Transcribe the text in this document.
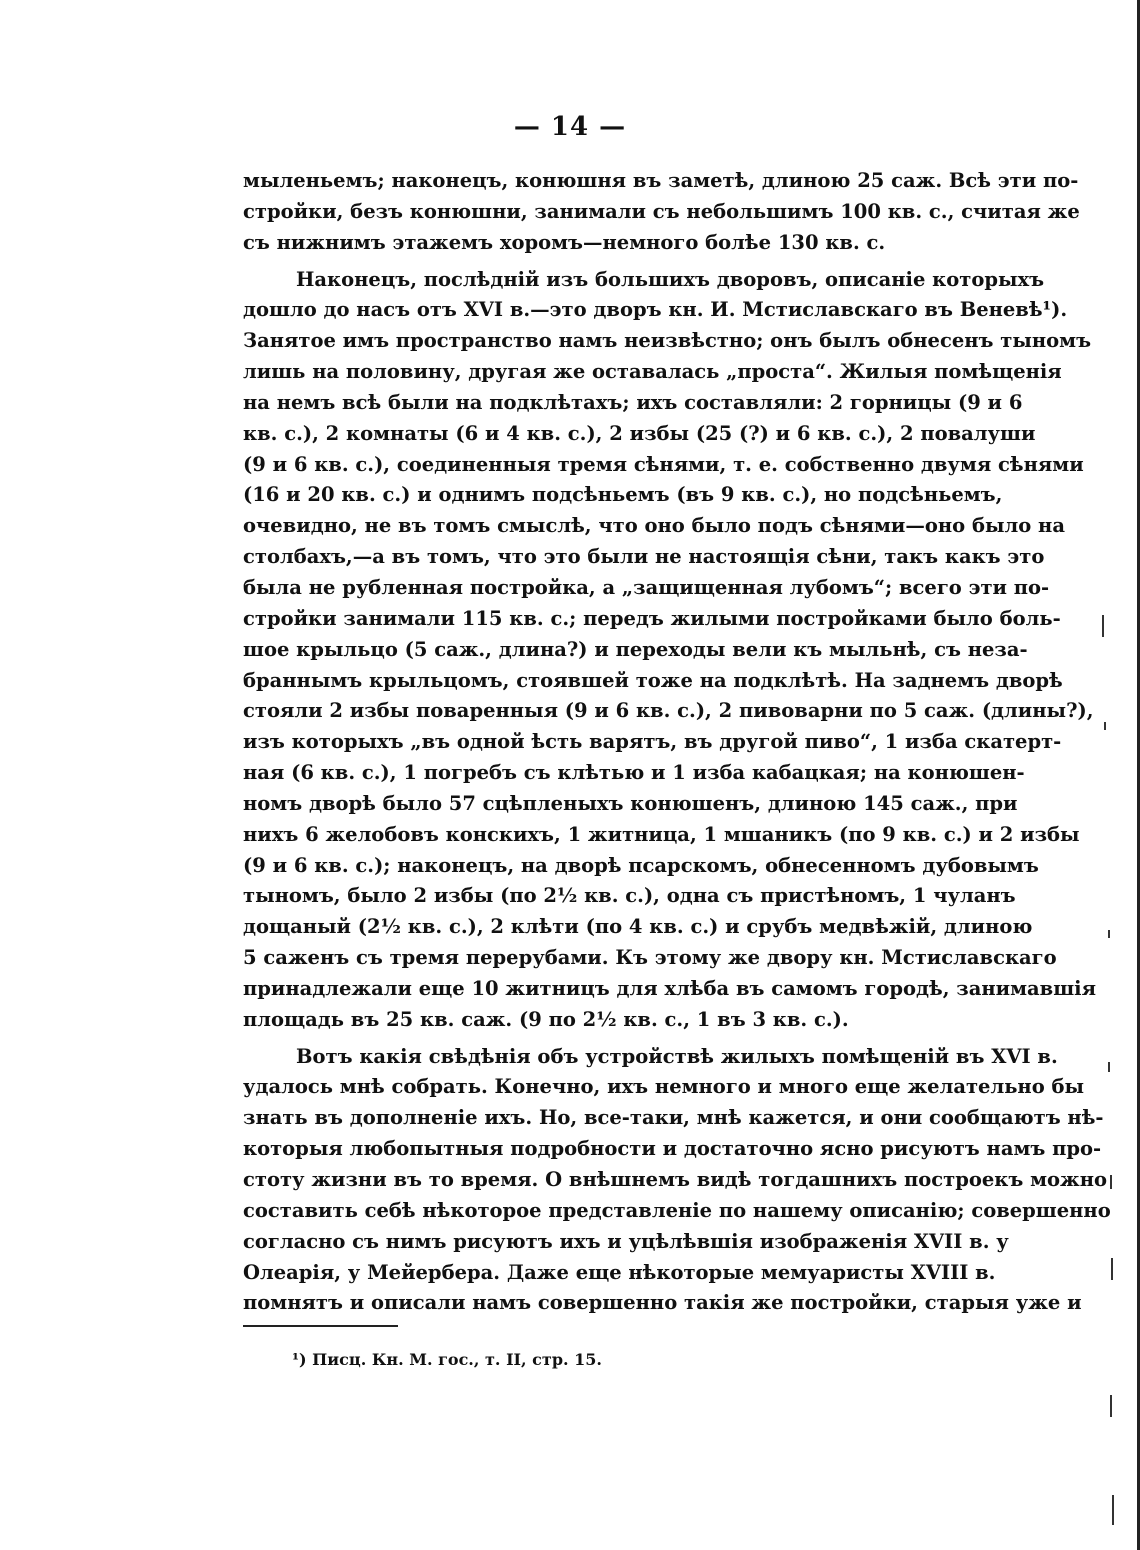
— 14 —
мыленьемъ; наконецъ, конюшня въ заметѣ, длиною 25 саж. Всѣ эти по-
стройки, безъ конюшни, занимали съ небольшимъ 100 кв. с., считая же
съ нижнимъ этажемъ хоромъ—немного болѣе 130 кв. с.
Наконецъ, послѣдній изъ большихъ дворовъ, описаніе которыхъ
дошло до насъ отъ XVI в.—это дворъ кн. И. Мстиславскаго въ Веневѣ¹).
Занятое имъ пространство намъ неизвѣстно; онъ былъ обнесенъ тыномъ
лишь на половину, другая же оставалась „проста“. Жилыя помѣщенія
на немъ всѣ были на подклѣтахъ; ихъ составляли: 2 горницы (9 и 6
кв. с.), 2 комнаты (6 и 4 кв. с.), 2 избы (25 (?) и 6 кв. с.), 2 повалуши
(9 и 6 кв. с.), соединенныя тремя сѣнями, т. е. собственно двумя сѣнями
(16 и 20 кв. с.) и однимъ подсѣньемъ (въ 9 кв. с.), но подсѣньемъ,
очевидно, не въ томъ смыслѣ, что оно было подъ сѣнями—оно было на
столбахъ,—а въ томъ, что это были не настоящія сѣни, такъ какъ это
была не рубленная постройка, а „защищенная лубомъ“; всего эти по-
стройки занимали 115 кв. с.; передъ жилыми постройками было боль-
шое крыльцо (5 саж., длина?) и переходы вели къ мыльнѣ, съ неза-
браннымъ крыльцомъ, стоявшей тоже на подклѣтѣ. На заднемъ дворѣ
стояли 2 избы поваренныя (9 и 6 кв. с.), 2 пивоварни по 5 саж. (длины?),
изъ которыхъ „въ одной ѣсть варятъ, въ другой пиво“, 1 изба скатерт-
ная (6 кв. с.), 1 погребъ съ клѣтью и 1 изба кабацкая; на конюшен-
номъ дворѣ было 57 сцѣпленыхъ конюшенъ, длиною 145 саж., при
нихъ 6 желобовъ конскихъ, 1 житница, 1 мшаникъ (по 9 кв. с.) и 2 избы
(9 и 6 кв. с.); наконецъ, на дворѣ псарскомъ, обнесенномъ дубовымъ
тыномъ, было 2 избы (по 2½ кв. с.), одна съ пристѣномъ, 1 чуланъ
дощаный (2½ кв. с.), 2 клѣти (по 4 кв. с.) и срубъ медвѣжій, длиною
5 саженъ съ тремя перерубами. Къ этому же двору кн. Мстиславскаго
принадлежали еще 10 житницъ для хлѣба въ самомъ городѣ, занимавшія
площадь въ 25 кв. саж. (9 по 2½ кв. с., 1 въ 3 кв. с.).
Вотъ какія свѣдѣнія объ устройствѣ жилыхъ помѣщеній въ XVI в.
удалось мнѣ собрать. Конечно, ихъ немного и много еще желательно бы
знать въ дополненіе ихъ. Но, все-таки, мнѣ кажется, и они сообщаютъ нѣ-
которыя любопытныя подробности и достаточно ясно рисуютъ намъ про-
стоту жизни въ то время. О внѣшнемъ видѣ тогдашнихъ построекъ можно
составить себѣ нѣкоторое представленіе по нашему описанію; совершенно
согласно съ нимъ рисуютъ ихъ и уцѣлѣвшія изображенія XVII в. у
Олеарія, у Мейербера. Даже еще нѣкоторые мемуаристы XVIII в.
помнятъ и описали намъ совершенно такія же постройки, старыя уже и
¹) Писц. Кн. М. гос., т. II, стр. 15.
